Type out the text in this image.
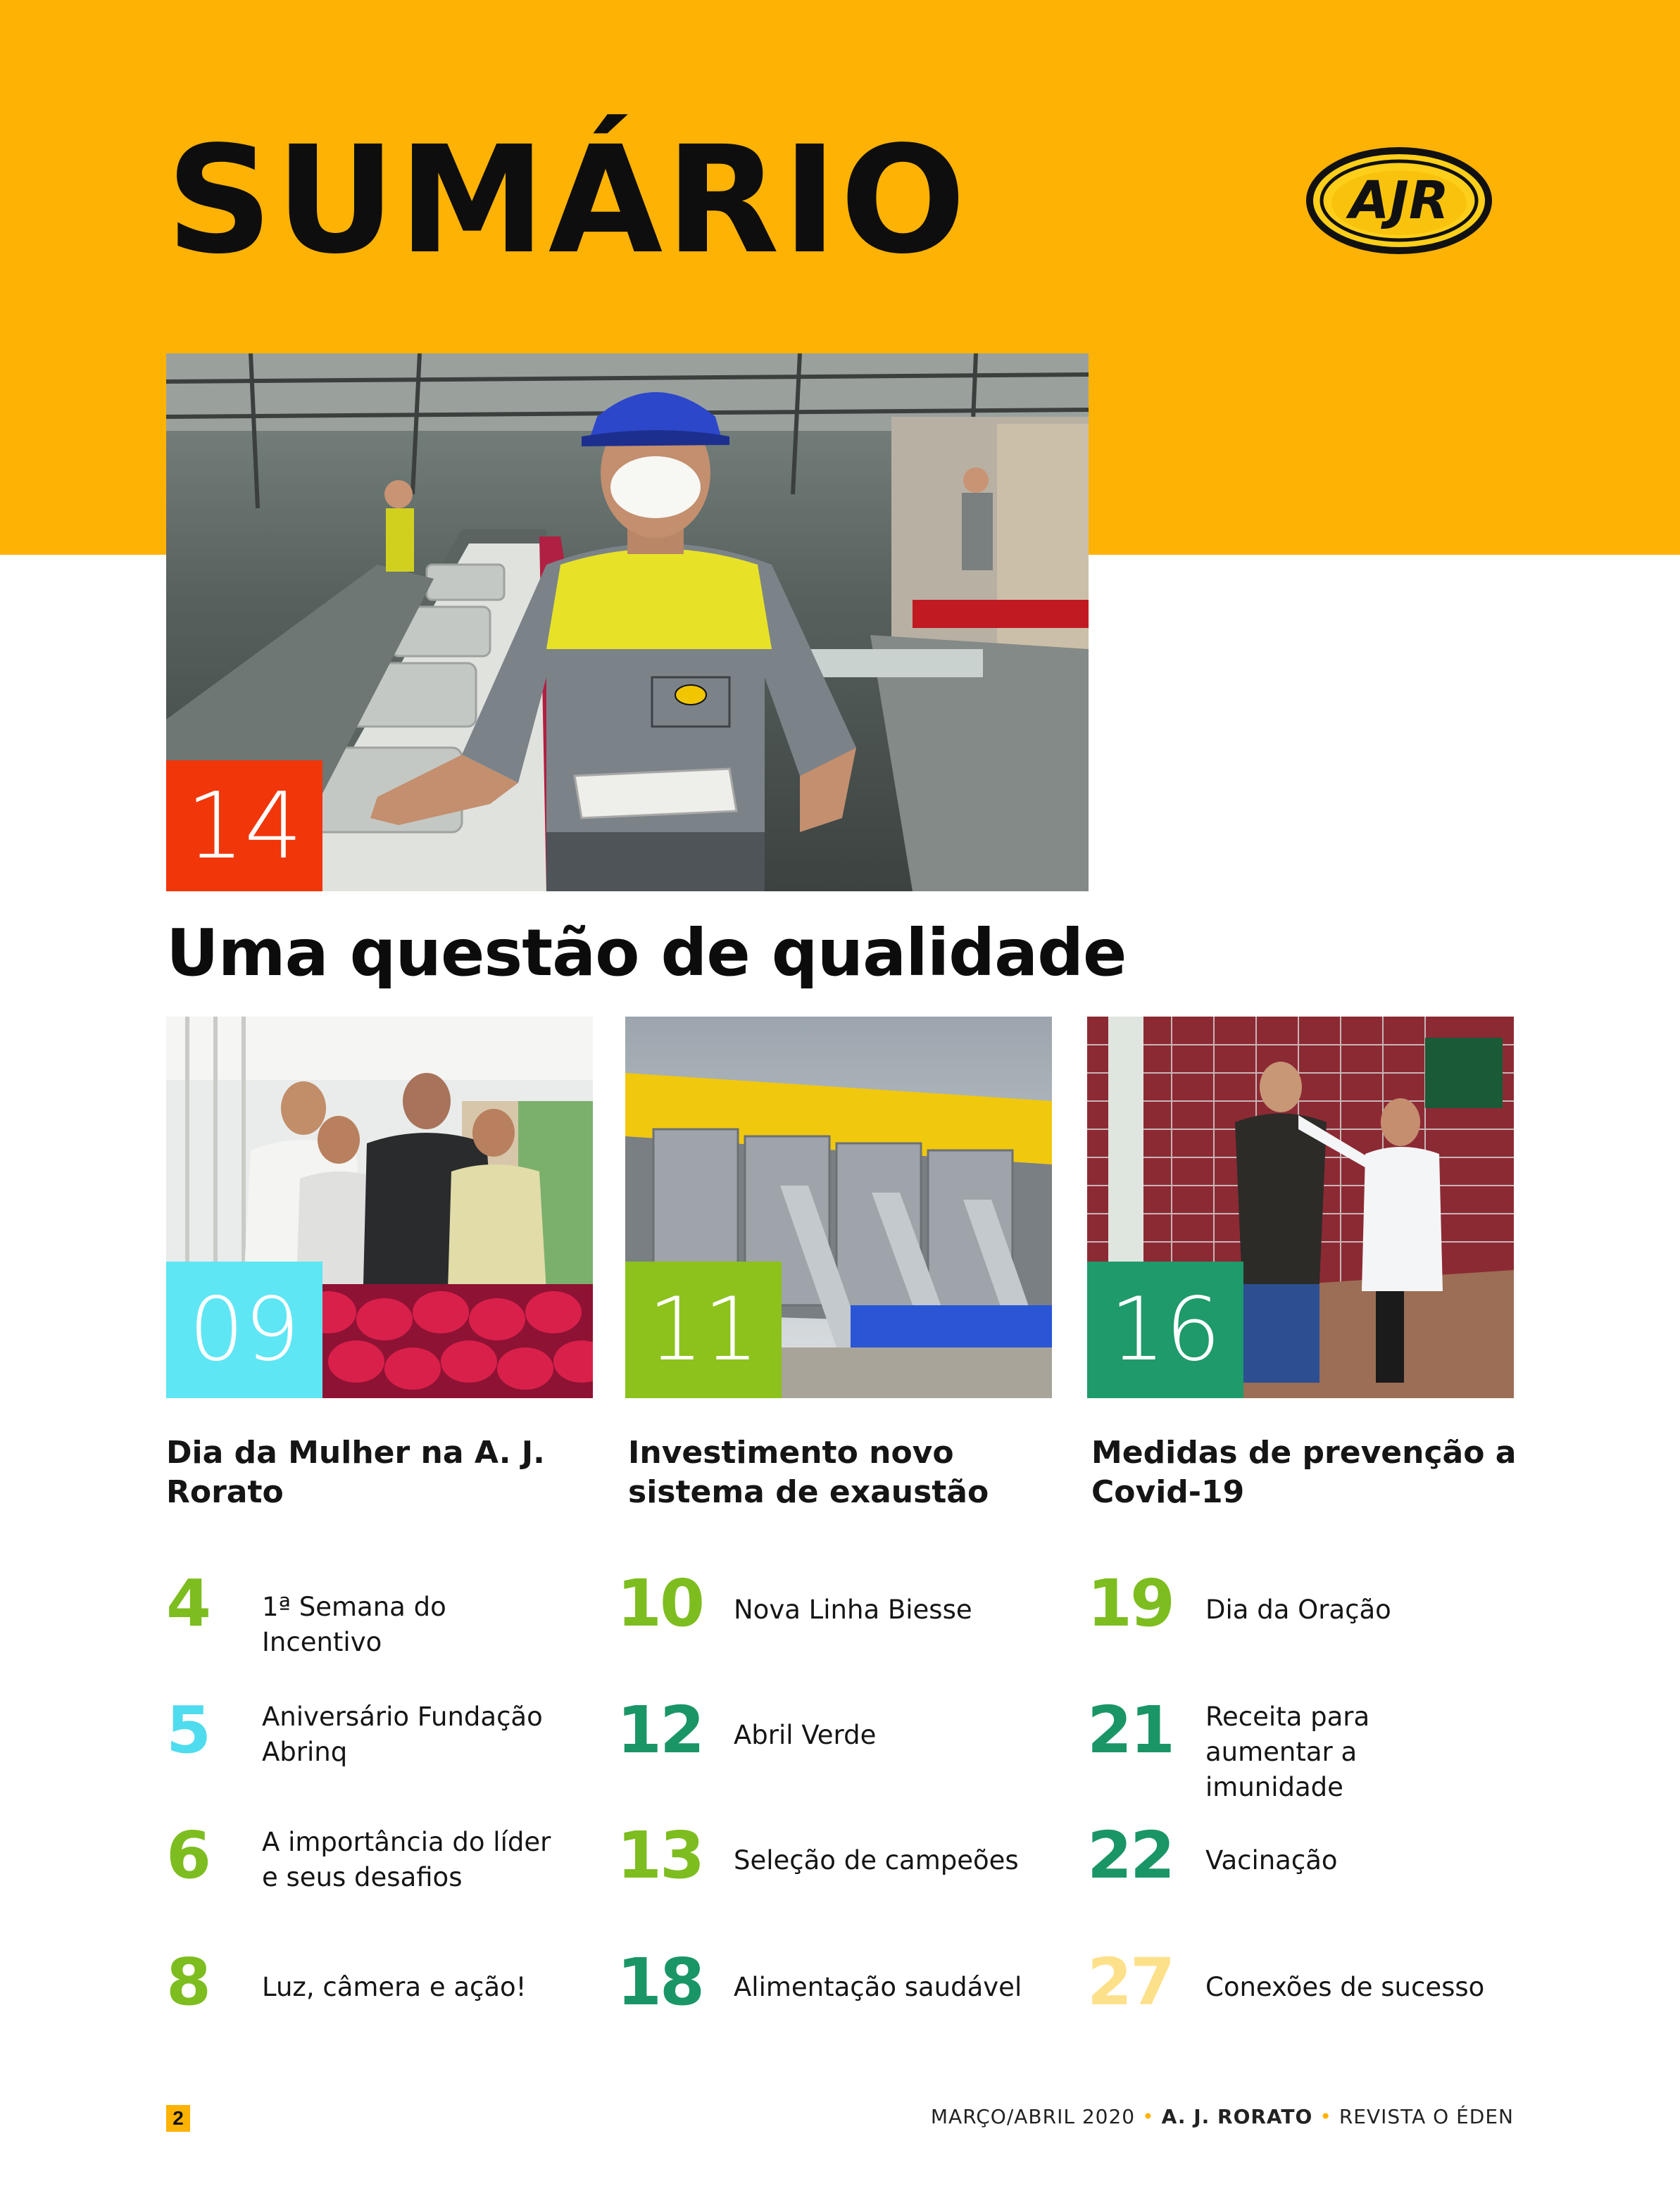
SUMÁRIO	AJR
14
Uma questão de qualidade
09
Dia da Mulher na A. J. Rorato
11
Investimento novo sistema de exaustão
16
Medidas de prevenção a Covid-19
4 1ª Semana do Incentivo
5 Aniversário Fundação Abrinq
6 A importância do líder e seus desafios
8 Luz, câmera e ação!
10 Nova Linha Biesse
12 Abril Verde
13 Seleção de campeões
18 Alimentação saudável
19 Dia da Oração
21 Receita para aumentar a imunidade
22 Vacinação
27 Conexões de sucesso
2	MARÇO/ABRIL 2020 • A. J. RORATO • REVISTA O ÉDEN
